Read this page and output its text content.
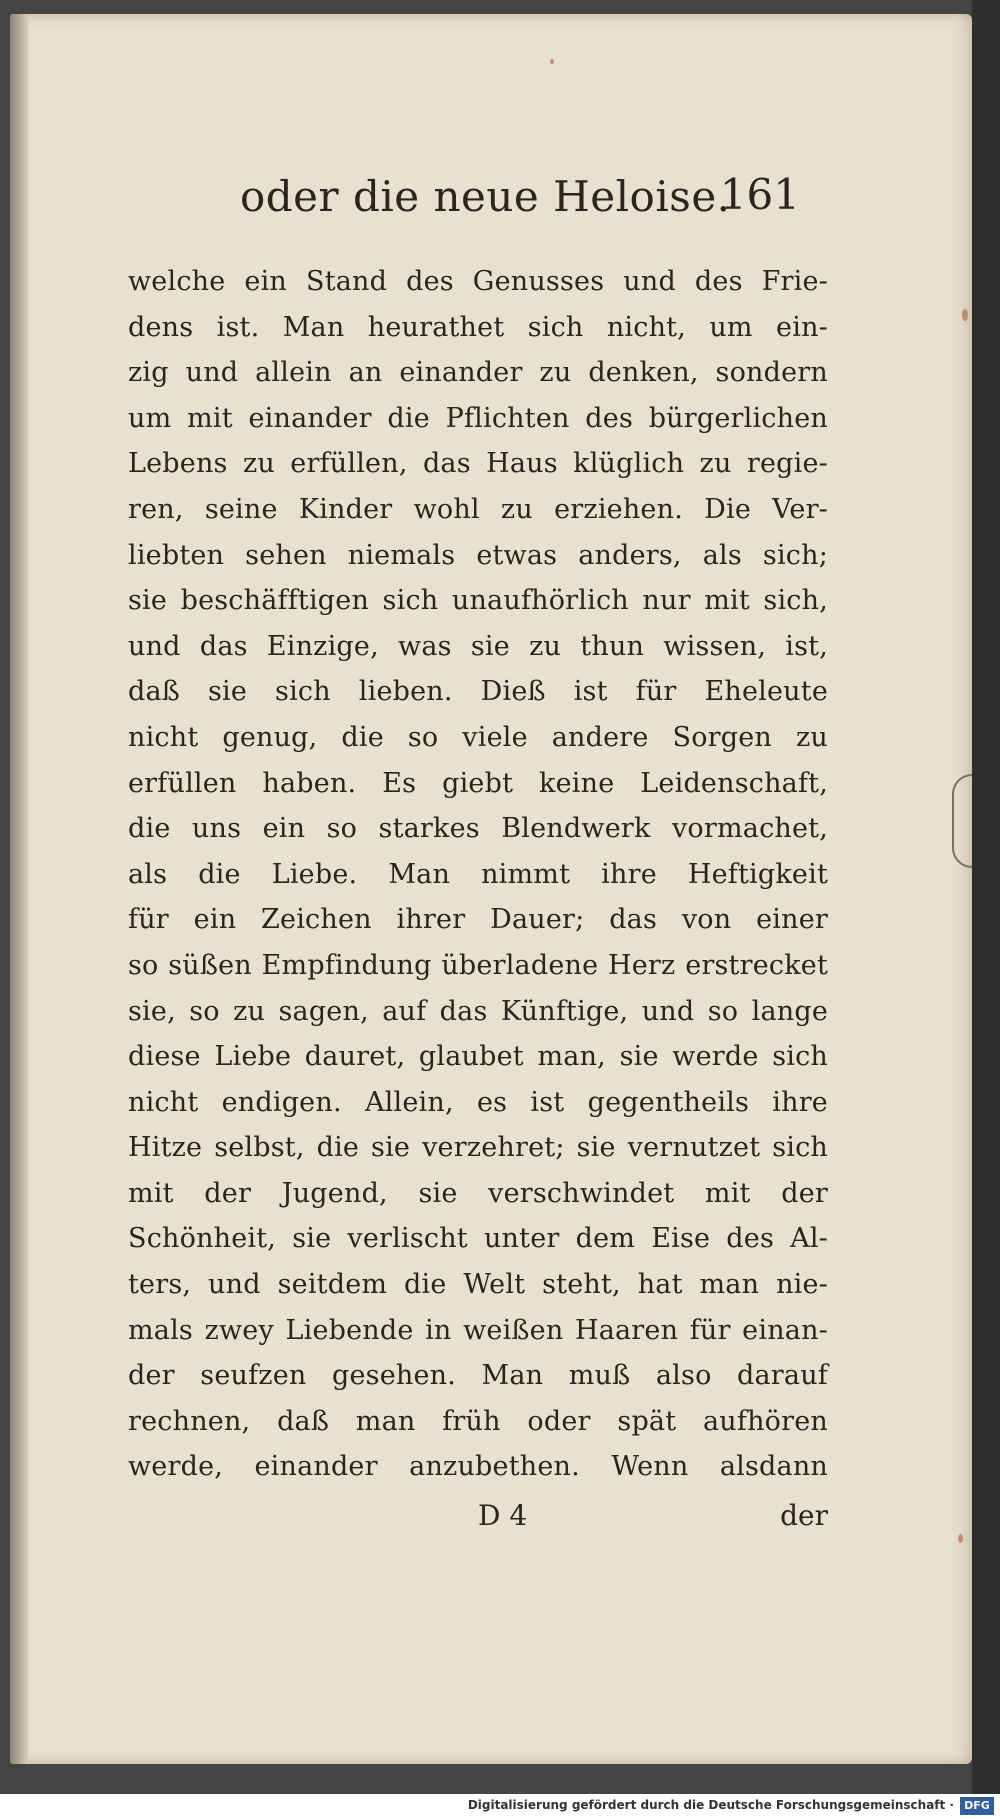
oder die neue Heloise.
161
welche ein Stand des Genusses und des Frie-
dens ist. Man heurathet sich nicht, um ein-
zig und allein an einander zu denken, sondern
um mit einander die Pflichten des bürgerlichen
Lebens zu erfüllen, das Haus klüglich zu regie-
ren, seine Kinder wohl zu erziehen. Die Ver-
liebten sehen niemals etwas anders, als sich;
sie beschäfftigen sich unaufhörlich nur mit sich,
und das Einzige, was sie zu thun wissen, ist,
daß sie sich lieben. Dieß ist für Eheleute
nicht genug, die so viele andere Sorgen zu
erfüllen haben. Es giebt keine Leidenschaft,
die uns ein so starkes Blendwerk vormachet,
als die Liebe. Man nimmt ihre Heftigkeit
für ein Zeichen ihrer Dauer; das von einer
so süßen Empfindung überladene Herz erstrecket
sie, so zu sagen, auf das Künftige, und so lange
diese Liebe dauret, glaubet man, sie werde sich
nicht endigen. Allein, es ist gegentheils ihre
Hitze selbst, die sie verzehret; sie vernutzet sich
mit der Jugend, sie verschwindet mit der
Schönheit, sie verlischt unter dem Eise des Al-
ters, und seitdem die Welt steht, hat man nie-
mals zwey Liebende in weißen Haaren für einan-
der seufzen gesehen. Man muß also darauf
rechnen, daß man früh oder spät aufhören
werde, einander anzubethen. Wenn alsdann
D 4	der
Digitalisierung gefördert durch die Deutsche Forschungsgemeinschaft · DFG
